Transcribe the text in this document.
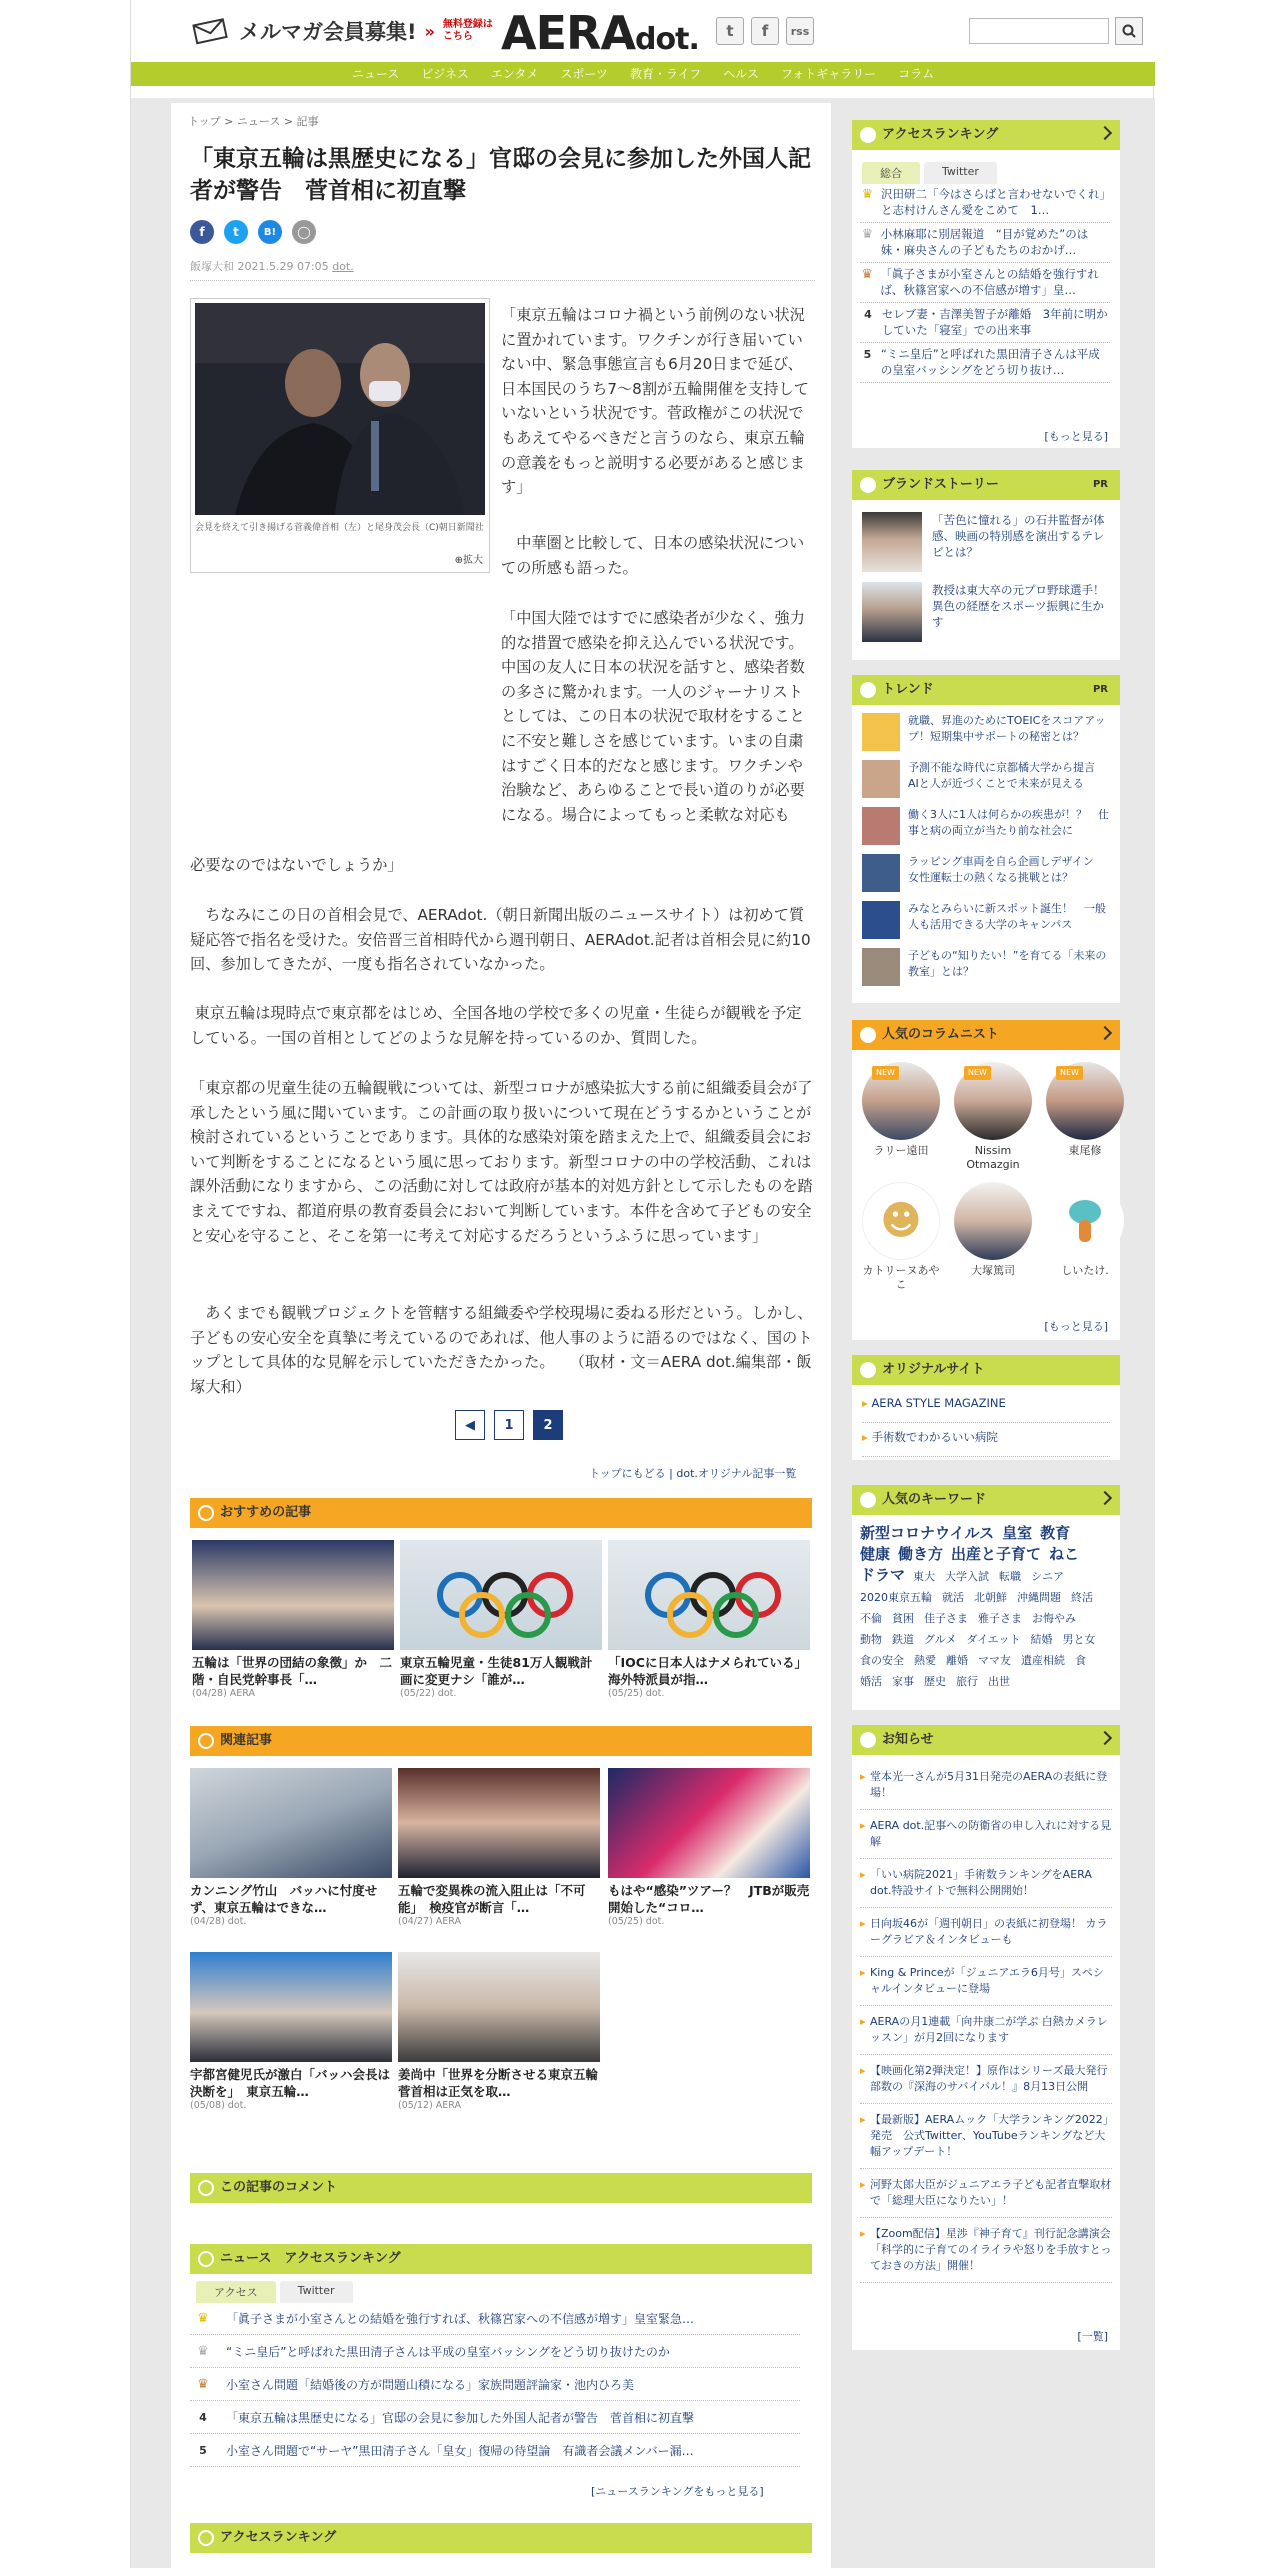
メルマガ会員募集! » 無料登録は
こちら AERAdot.	t	f	rss
ニュース	ビジネス	エンタメ	スポーツ	教育・ライフ	ヘルス	フォトギャラリー	コラム
トップ > ニュース > 記事
「東京五輪は黒歴史になる」官邸の会見に参加した外国人記者が警告　菅首相に初直撃
f	t	B!	◯
飯塚大和 2021.5.29 07:05 dot.
会見を終えて引き揚げる菅義偉首相（左）と尾身茂会長（C)朝日新聞社
⊕拡大
「東京五輪はコロナ禍という前例のない状況に置かれています。ワクチンが行き届いていない中、緊急事態宣言も6月20日まで延び、日本国民のうち7～8割が五輪開催を支持していないという状況です。菅政権がこの状況でもあえてやるべきだと言うのなら、東京五輪の意義をもっと説明する必要があると感じます」
中華圏と比較して、日本の感染状況についての所感も語った。
「中国大陸ではすでに感染者が少なく、強力的な措置で感染を抑え込んでいる状況です。中国の友人に日本の状況を話すと、感染者数の多さに驚かれます。一人のジャーナリストとしては、この日本の状況で取材をすることに不安と難しさを感じています。いまの自粛はすごく日本的だなと感じます。ワクチンや治験など、あらゆることで長い道のりが必要になる。場合によってもっと柔軟な対応も
必要なのではないでしょうか」
ちなみにこの日の首相会見で、AERAdot.（朝日新聞出版のニュースサイト）は初めて質疑応答で指名を受けた。安倍晋三首相時代から週刊朝日、AERAdot.記者は首相会見に約10回、参加してきたが、一度も指名されていなかった。
東京五輪は現時点で東京都をはじめ、全国各地の学校で多くの児童・生徒らが観戦を予定している。一国の首相としてどのような見解を持っているのか、質問した。
「東京都の児童生徒の五輪観戦については、新型コロナが感染拡大する前に組織委員会が了承したという風に聞いています。この計画の取り扱いについて現在どうするかということが検討されているということであります。具体的な感染対策を踏まえた上で、組織委員会において判断をすることになるという風に思っております。新型コロナの中の学校活動、これは課外活動になりますから、この活動に対しては政府が基本的対処方針として示したものを踏まえてですね、都道府県の教育委員会において判断しています。本件を含めて子どもの安全と安心を守ること、そこを第一に考えて対応するだろうというふうに思っています」
あくまでも観戦プロジェクトを管轄する組織委や学校現場に委ねる形だという。しかし、子どもの安心安全を真摯に考えているのであれば、他人事のように語るのではなく、国のトップとして具体的な見解を示していただきたかった。　　（取材・文＝AERA dot.編集部・飯塚大和）
◀	1	2
トップにもどる | dot.オリジナル記事一覧
おすすめの記事
五輪は「世界の団結の象徴」か　二階・自民党幹事長「…
(04/28) AERA
東京五輪児童・生徒81万人観戦計画に変更ナシ「誰が…
(05/22) dot.
「IOCに日本人はナメられている」海外特派員が指…
(05/25) dot.
関連記事
カンニング竹山　バッハに忖度せず、東京五輪はできな…
(04/28) dot.
五輪で変異株の流入阻止は「不可能」　検疫官が断言「…
(04/27) AERA
もはや“感染”ツアー？　JTBが販売開始した“コロ…
(05/25) dot.
宇都宮健児氏が激白「バッハ会長は決断を」　東京五輪…
(05/08) dot.
姜尚中「世界を分断させる東京五輪　菅首相は正気を取…
(05/12) AERA
この記事のコメント
ニュース　アクセスランキング
アクセス	Twitter
♛	「眞子さまが小室さんとの結婚を強行すれば、秋篠宮家への不信感が増す」皇室緊急…
♛	“ミニ皇后”と呼ばれた黒田清子さんは平成の皇室バッシングをどう切り抜けたのか
♛	小室さん問題「結婚後の方が問題山積になる」家族問題評論家・池内ひろ美
4	「東京五輪は黒歴史になる」官邸の会見に参加した外国人記者が警告　菅首相に初直撃
5	小室さん問題で“サーヤ”黒田清子さん「皇女」復帰の待望論　有識者会議メンバー漏…
[ニュースランキングをもっと見る]
アクセスランキング
アクセスランキング
総合	Twitter
♛ 沢田研二「今はさらばと言わせないでくれ」と志村けんさん愛をこめて　1…
♛ 小林麻耶に別居報道　“目が覚めた”のは妹・麻央さんの子どもたちのおかげ…
♛ 「眞子さまが小室さんとの結婚を強行すれば、秋篠宮家への不信感が増す」皇…
4 セレブ妻・吉澤美智子が離婚　3年前に明かしていた「寝室」での出来事
5 “ミニ皇后”と呼ばれた黒田清子さんは平成の皇室バッシングをどう切り抜け…
[もっと見る]
ブランドストーリー	PR
「苦色に憧れる」の石井監督が体感、映画の特別感を演出するテレビとは？
教授は東大卒の元プロ野球選手！異色の経歴をスポーツ振興に生かす
トレンド	PR
就職、昇進のためにTOEICをスコアアップ！短期集中サポートの秘密とは？
予測不能な時代に京都橘大学から提言　AIと人が近づくことで未来が見える
働く3人に1人は何らかの疾患が！？　仕事と病の両立が当たり前な社会に
ラッピング車両を自ら企画しデザイン　女性運転士の熱くなる挑戦とは？
みなとみらいに新スポット誕生！　一般人も活用できる大学のキャンパス
子どもの“知りたい！”を育てる「未来の教室」とは？
人気のコラムニスト
NEW
ラリー遠田
NEW
Nissim Otmazgin
NEW
東尾修
☻
カトリーヌあやこ
大塚篤司	しいたけ.
[もっと見る]
オリジナルサイト
▸ AERA STYLE MAGAZINE
▸ 手術数でわかるいい病院
人気のキーワード
新型コロナウイルス 皇室 教育健康 働き方 出産と子育て ねこドラマ 東大 大学入試 転職 シニア2020東京五輪 就活 北朝鮮 沖縄問題 終活不倫 貧困 佳子さま 雅子さま お悔やみ動物 鉄道 グルメ ダイエット 結婚 男と女食の安全 熱愛 離婚 ママ友 遺産相続 食婚活 家事 歴史 旅行 出世
お知らせ
▸ 堂本光一さんが5月31日発売のAERAの表紙に登場！
▸ AERA dot.記事への防衛省の申し入れに対する見解
▸ 「いい病院2021」手術数ランキングをAERA dot.特設サイトで無料公開開始！
▸ 日向坂46が「週刊朝日」の表紙に初登場！ カラーグラビア＆インタビューも
▸ King & Princeが「ジュニアエラ6月号」スペシャルインタビューに登場
▸ AERAの月1連載「向井康二が学ぶ 白熱カメラレッスン」が月2回になります
▸ 【映画化第2弾決定！】原作はシリーズ最大発行部数の『深海のサバイバル！』8月13日公開
▸ 【最新版】AERAムック「大学ランキング2022」発売　公式Twitter、YouTubeランキングなど大幅アップデート！
▸ 河野太郎大臣がジュニアエラ子ども記者直撃取材で「総理大臣になりたい」！
▸ 【Zoom配信】星渉『神子育て』刊行記念講演会「科学的に子育てのイライラや怒りを手放すとっておきの方法」開催！
[一覧]
